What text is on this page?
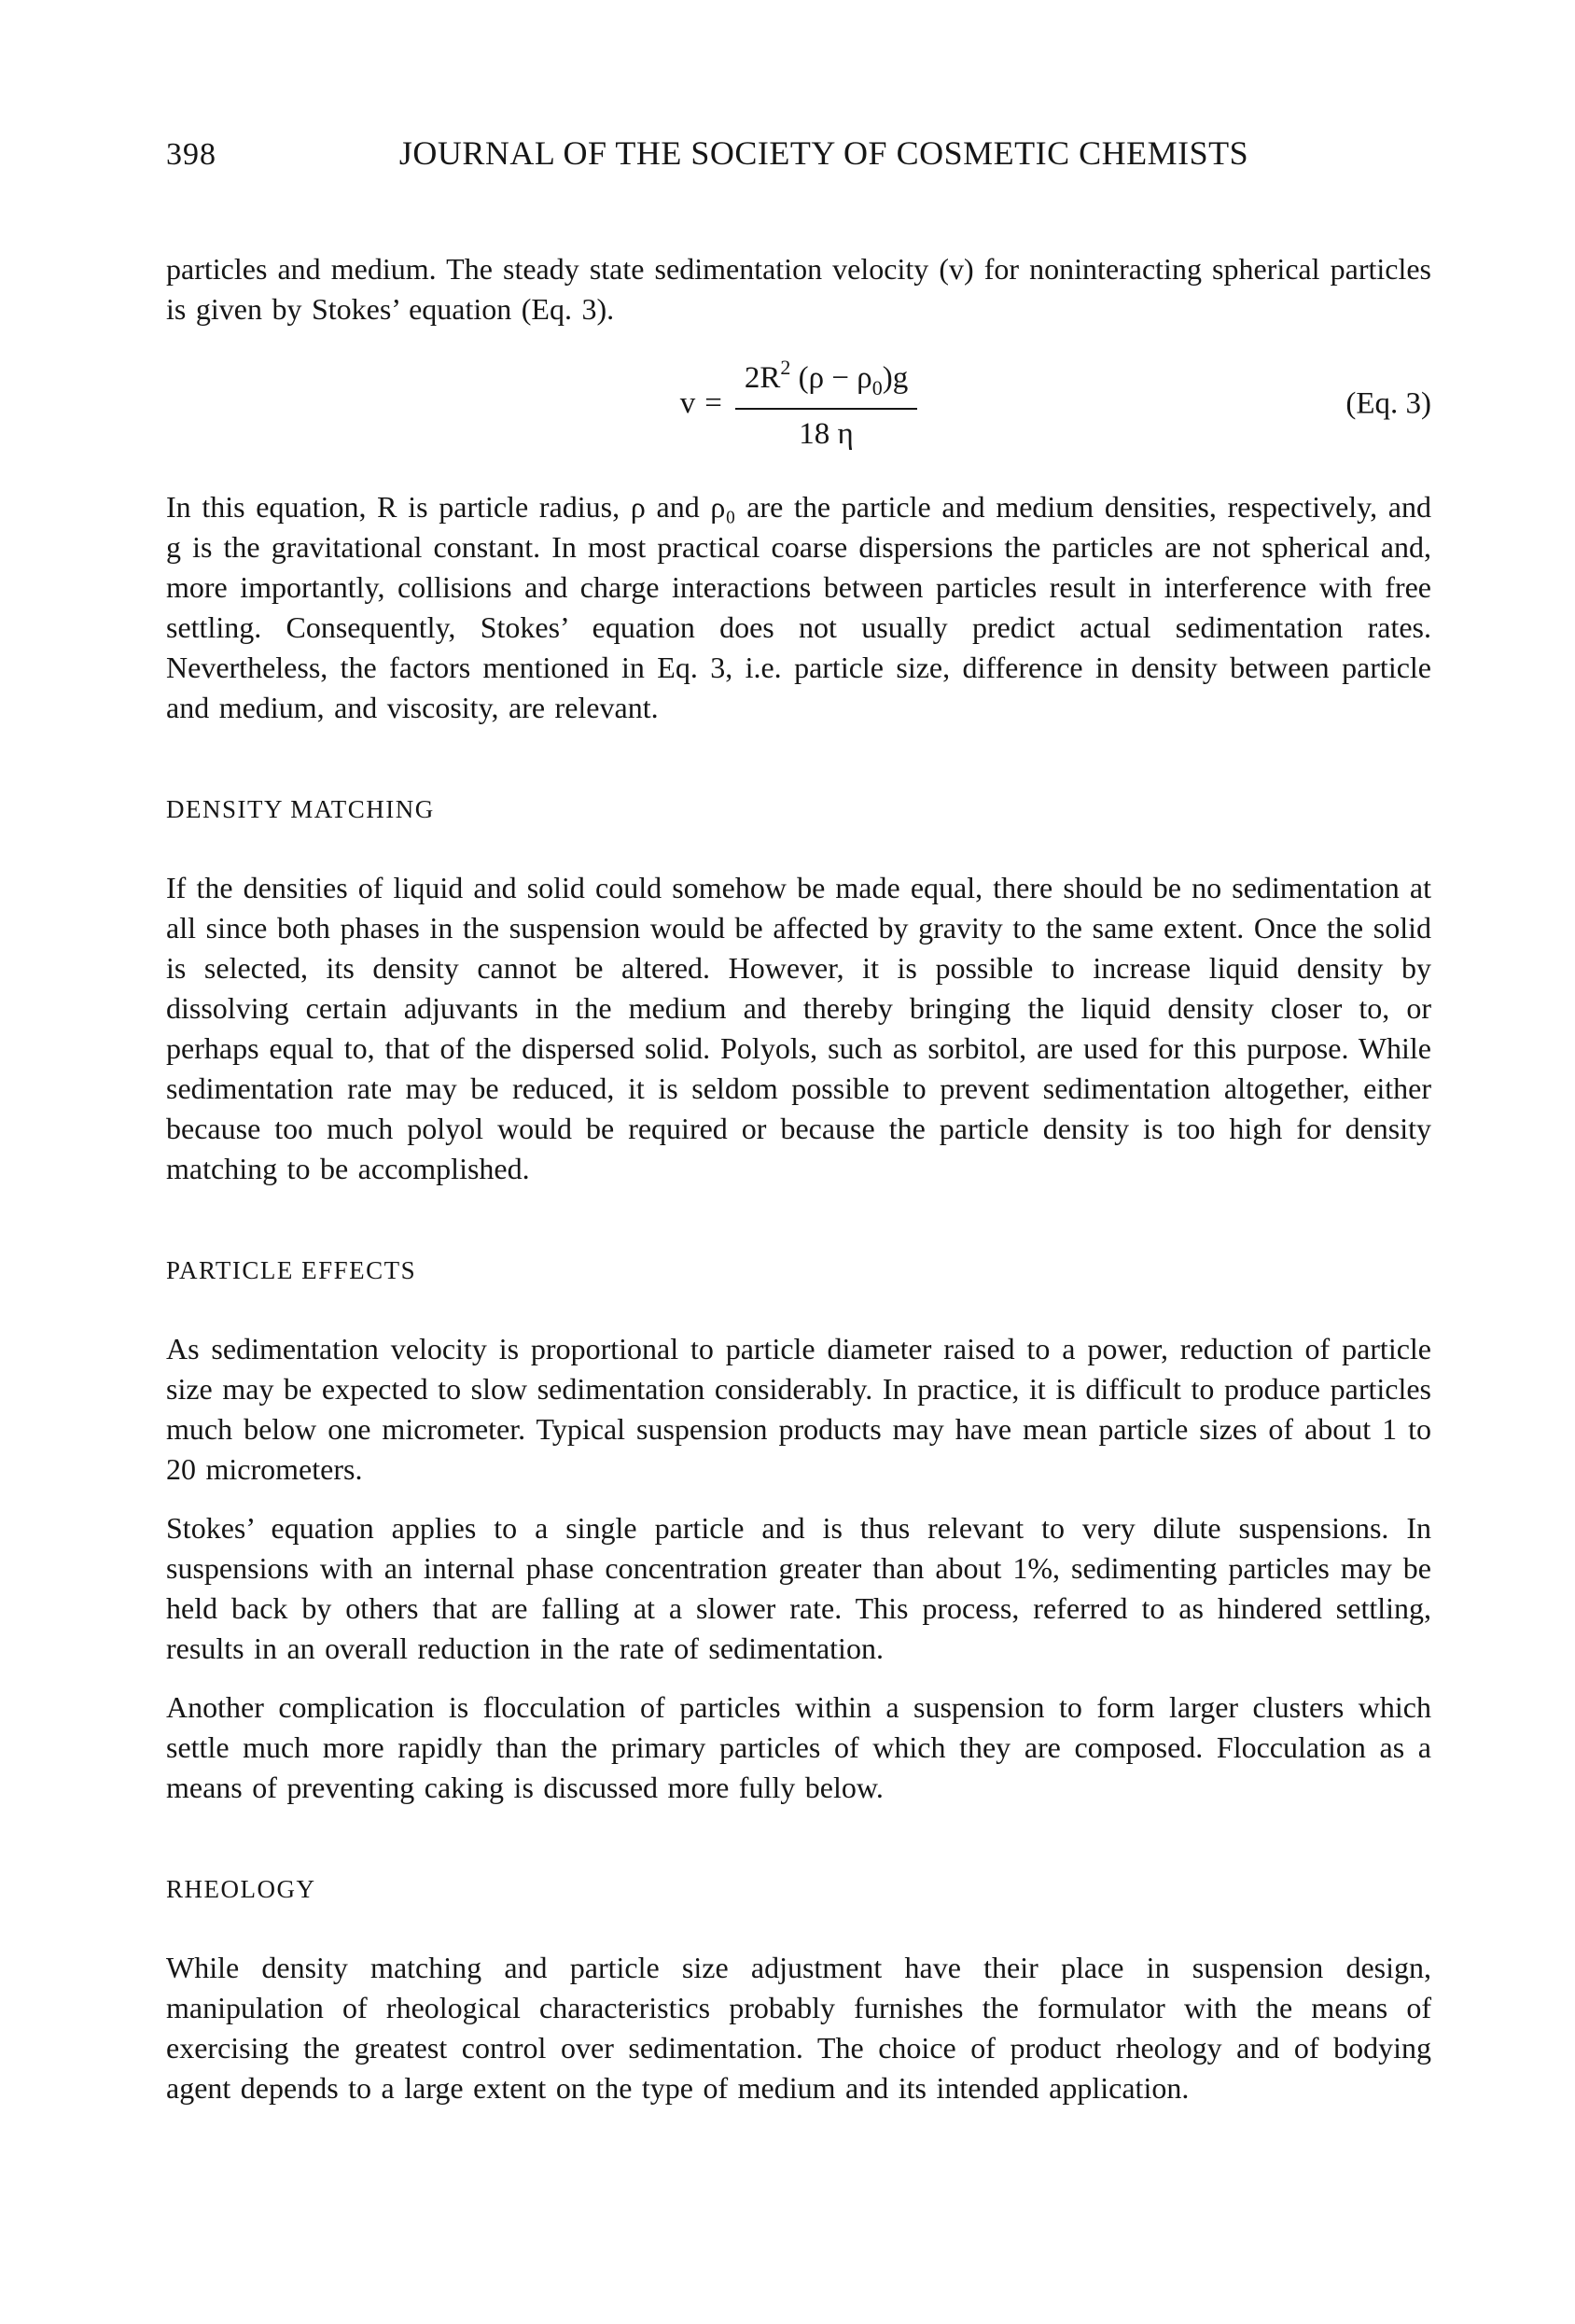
398	JOURNAL OF THE SOCIETY OF COSMETIC CHEMISTS

particles and medium. The steady state sedimentation velocity (v) for noninteracting spherical particles is given by Stokes’ equation (Eq. 3).

$v = \frac{2R^2 (\rho - \rho_0)g}{18 \eta}$	(Eq. 3)

In this equation, R is particle radius, ρ and ρ₀ are the particle and medium densities, respectively, and g is the gravitational constant. In most practical coarse dispersions the particles are not spherical and, more importantly, collisions and charge interactions between particles result in interference with free settling. Consequently, Stokes’ equation does not usually predict actual sedimentation rates. Nevertheless, the factors mentioned in Eq. 3, i.e. particle size, difference in density between particle and medium, and viscosity, are relevant.

DENSITY MATCHING

If the densities of liquid and solid could somehow be made equal, there should be no sedimentation at all since both phases in the suspension would be affected by gravity to the same extent. Once the solid is selected, its density cannot be altered. However, it is possible to increase liquid density by dissolving certain adjuvants in the medium and thereby bringing the liquid density closer to, or perhaps equal to, that of the dispersed solid. Polyols, such as sorbitol, are used for this purpose. While sedimentation rate may be reduced, it is seldom possible to prevent sedimentation altogether, either because too much polyol would be required or because the particle density is too high for density matching to be accomplished.

PARTICLE EFFECTS

As sedimentation velocity is proportional to particle diameter raised to a power, reduction of particle size may be expected to slow sedimentation considerably. In practice, it is difficult to produce particles much below one micrometer. Typical suspension products may have mean particle sizes of about 1 to 20 micrometers.

Stokes’ equation applies to a single particle and is thus relevant to very dilute suspensions. In suspensions with an internal phase concentration greater than about 1%, sedimenting particles may be held back by others that are falling at a slower rate. This process, referred to as hindered settling, results in an overall reduction in the rate of sedimentation.

Another complication is flocculation of particles within a suspension to form larger clusters which settle much more rapidly than the primary particles of which they are composed. Flocculation as a means of preventing caking is discussed more fully below.

RHEOLOGY

While density matching and particle size adjustment have their place in suspension design, manipulation of rheological characteristics probably furnishes the formulator with the means of exercising the greatest control over sedimentation. The choice of product rheology and of bodying agent depends to a large extent on the type of medium and its intended application.
